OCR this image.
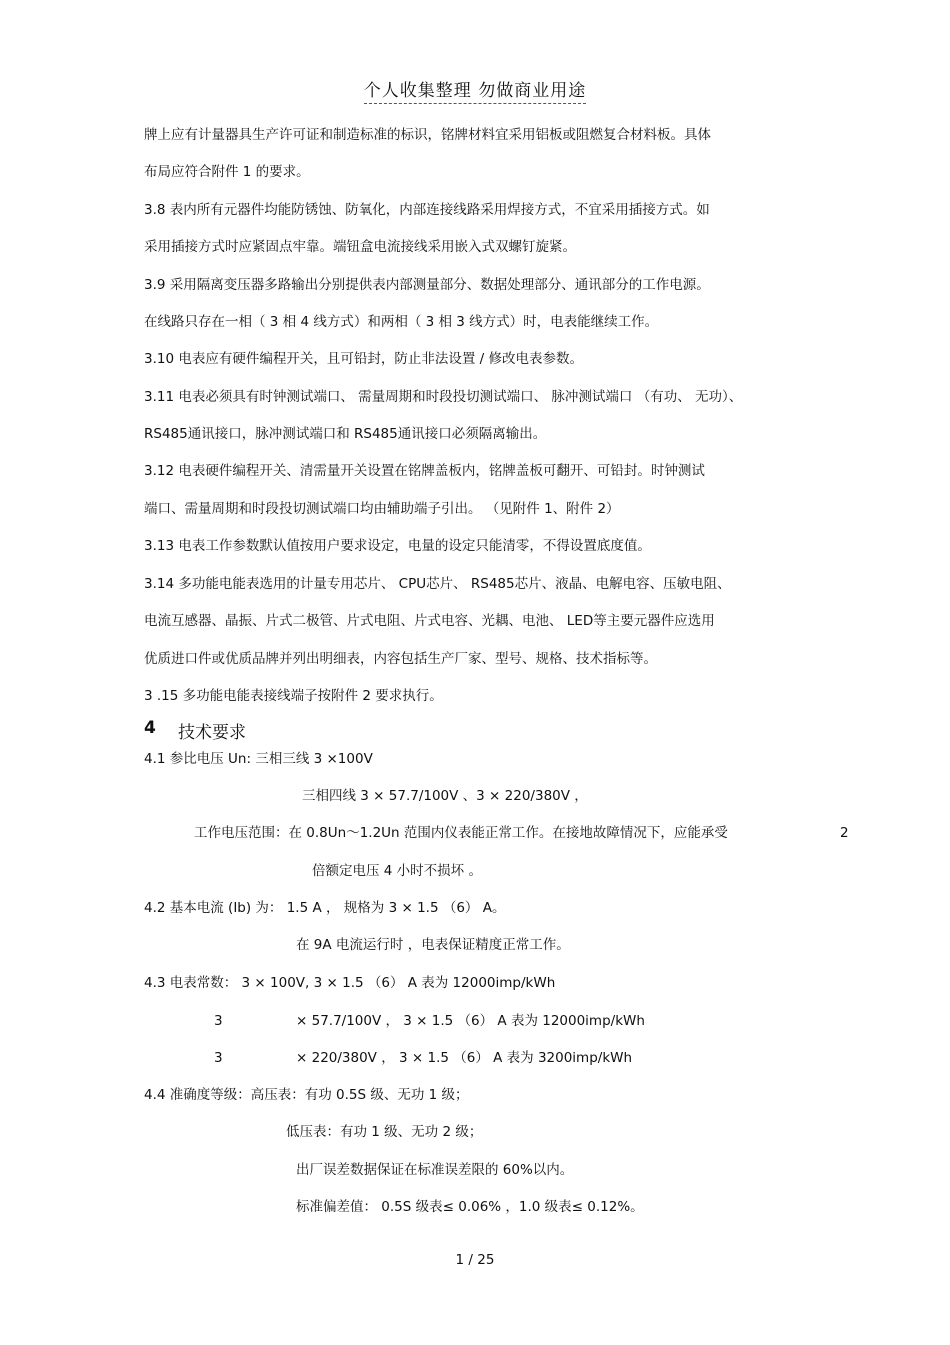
个人收集整理 勿做商业用途
牌上应有计量器具生产许可证和制造标准的标识，铭牌材料宜采用铝板或阻燃复合材料板。具体
布局应符合附件 1 的要求。
3.8 表内所有元器件均能防锈蚀、防氧化，内部连接线路采用焊接方式，不宜采用插接方式。如
采用插接方式时应紧固点牢靠。端钮盒电流接线采用嵌入式双螺钉旋紧。
3.9 采用隔离变压器多路输出分别提供表内部测量部分、数据处理部分、通讯部分的工作电源。
在线路只存在一相（ 3 相 4 线方式）和两相（ 3 相 3 线方式）时，电表能继续工作。
3.10 电表应有硬件编程开关，且可铅封，防止非法设置 / 修改电表参数。
3.11 电表必须具有时钟测试端口、 需量周期和时段投切测试端口、 脉冲测试端口 （有功、 无功）、
RS485通讯接口，脉冲测试端口和 RS485通讯接口必须隔离输出。
3.12 电表硬件编程开关、清需量开关设置在铭牌盖板内，铭牌盖板可翻开、可铅封。时钟测试
端口、需量周期和时段投切测试端口均由辅助端子引出。 （见附件 1、附件 2）
3.13 电表工作参数默认值按用户要求设定，电量的设定只能清零，不得设置底度值。
3.14 多功能电能表选用的计量专用芯片、 CPU芯片、 RS485芯片、液晶、电解电容、压敏电阻、
电流互感器、晶振、片式二极管、片式电阻、片式电容、光耦、电池、 LED等主要元器件应选用
优质进口件或优质品牌并列出明细表，内容包括生产厂家、型号、规格、技术指标等。
3 .15 多功能电能表接线端子按附件 2 要求执行。
4 技术要求
4.1 参比电压 Un: 三相三线 3 ×100V
三相四线 3 × 57.7/100V 、3 × 220/380V ，
工作电压范围：在 0.8Un～1.2Un 范围内仪表能正常工作。在接地故障情况下，应能承受	2
倍额定电压 4 小时不损坏 。
4.2 基本电流 (Ib) 为： 1.5 A ， 规格为 3 × 1.5 （6） A。
在 9A 电流运行时 ，电表保证精度正常工作。
4.3 电表常数： 3 × 100V, 3 × 1.5 （6） A 表为 12000imp/kWh
3	× 57.7/100V ， 3 × 1.5 （6） A 表为 12000imp/kWh
3	× 220/380V ， 3 × 1.5 （6） A 表为 3200imp/kWh
4.4 准确度等级：高压表：有功 0.5S 级、无功 1 级；
低压表：有功 1 级、无功 2 级；
出厂误差数据保证在标准误差限的 60%以内。
标准偏差值： 0.5S 级表≤ 0.06% ，1.0 级表≤ 0.12%。
1 / 25
